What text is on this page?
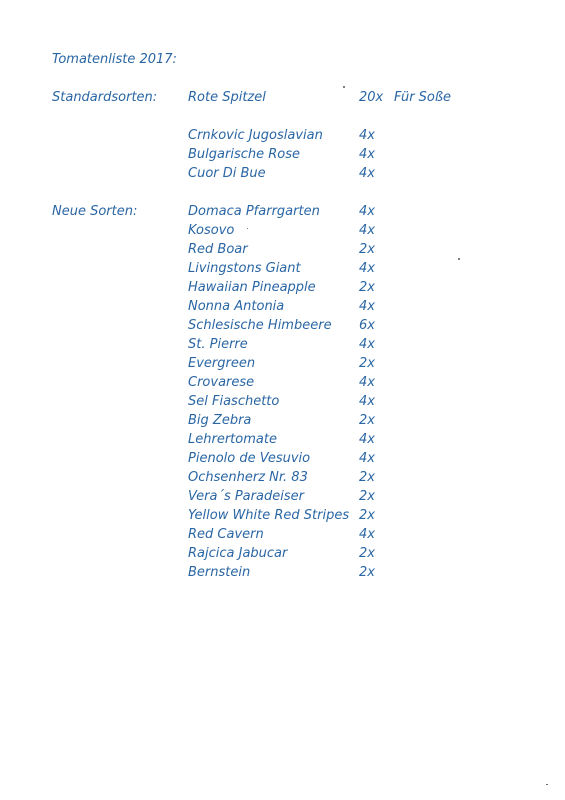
Tomatenliste 2017:
Standardsorten: Rote Spitzel	20x Für Soße
Crnkovic Jugoslavian	4x
Bulgarische Rose	4x
Cuor Di Bue	4x
Neue Sorten:	Domaca Pfarrgarten	4x
Kosovo	4x
Red Boar	2x
Livingstons Giant	4x
Hawaiian Pineapple	2x
Nonna Antonia	4x
Schlesische Himbeere 6x
St. Pierre	4x
Evergreen	2x
Crovarese	4x
Sel Fiaschetto	4x
Big Zebra	2x
Lehrertomate	4x
Pienolo de Vesuvio	4x
Ochsenherz Nr. 83	2x
Vera´s Paradeiser	2x
Yellow White Red Stripes 2x
Red Cavern	4x
Rajcica Jabucar	2x
Bernstein	2x
